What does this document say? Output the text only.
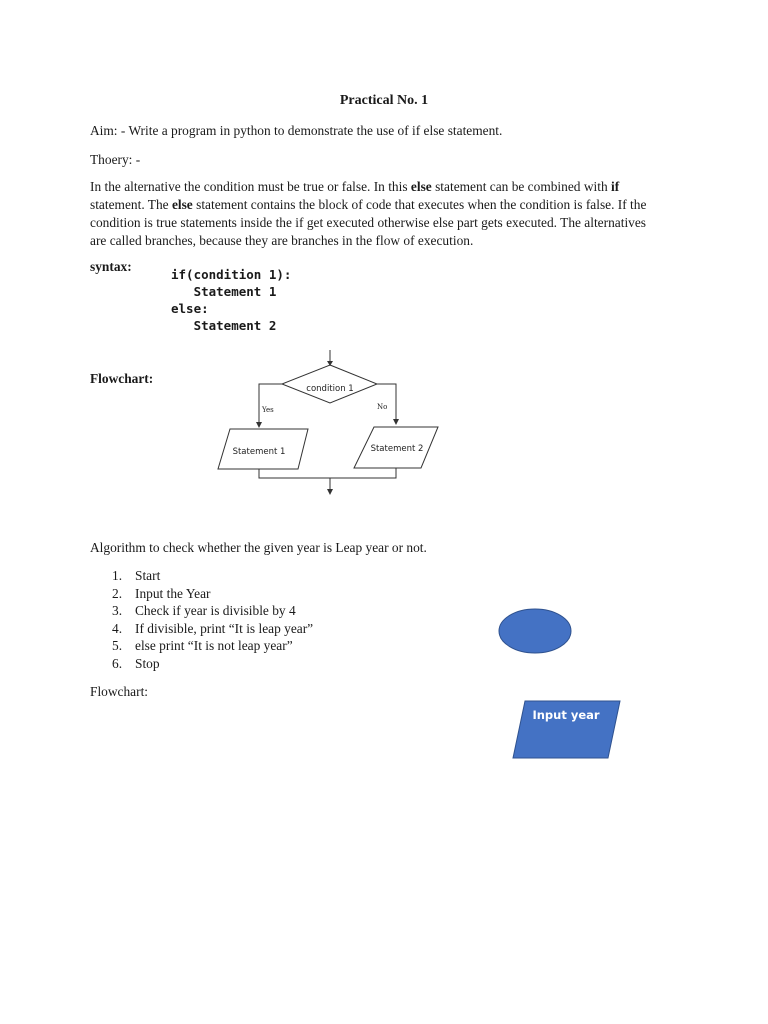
Practical No. 1
Aim: - Write a program in python to demonstrate the use of if else statement.
Thoery: -
In the alternative the condition must be true or false. In this else statement can be combined with if
statement. The else statement contains the block of code that executes when the condition is false. If the
condition is true statements inside the if get executed otherwise else part gets executed. The alternatives
are called branches, because they are branches in the flow of execution.
syntax:
if(condition 1):
Statement 1
else:
Statement 2
Flowchart:
condition 1
Yes	No
Statement 1	Statement 2
Algorithm to check whether the given year is Leap year or not.
1. Start
2. Input the Year
3. Check if year is divisible by 4
4. If divisible, print “It is leap year”
5. else print “It is not leap year”
6. Stop
Flowchart:
Input year
